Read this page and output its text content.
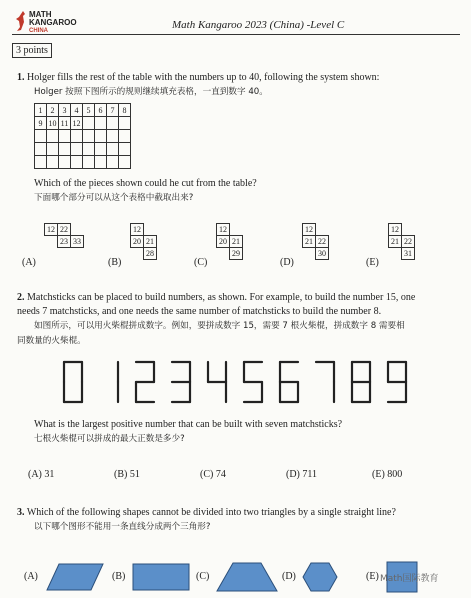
MATH
KANGAROO
CHINA	Math Kangaroo 2023 (China) -Level C
3 points
1. Holger fills the rest of the table with the numbers up to 40, following the system shown:
Holger 按照下图所示的规则继续填充表格，一直到数字 40。
1	2	3	4	5	6	7	8
9	10	11	12				

Which of the pieces shown could he cut from the table?
下面哪个部分可以从这个表格中截取出来?
(A)
12 22
23 33
(B)
12
20 21
28
(C)
12
20 21
29
(D)
12
21 22
30
(E)
12
21 22
31
2. Matchsticks can be placed to build numbers, as shown. For example, to build the number 15, one
needs 7 matchsticks, and one needs the same number of matchsticks to build the number 8.
如图所示，可以用火柴棍拼成数字。例如，要拼成数字 15，需要 7 根火柴棍，拼成数字 8 需要相
同数量的火柴棍。
What is the largest positive number that can be built with seven matchsticks?
七根火柴棍可以拼成的最大正数是多少?
(A) 31	(B) 51	(C) 74	(D) 711	(E) 800
3. Which of the following shapes cannot be divided into two triangles by a single straight line?
以下哪个图形不能用一条直线分成两个三角形?
(A)	(B)	(C)	(D)	(E) Math国际教育
